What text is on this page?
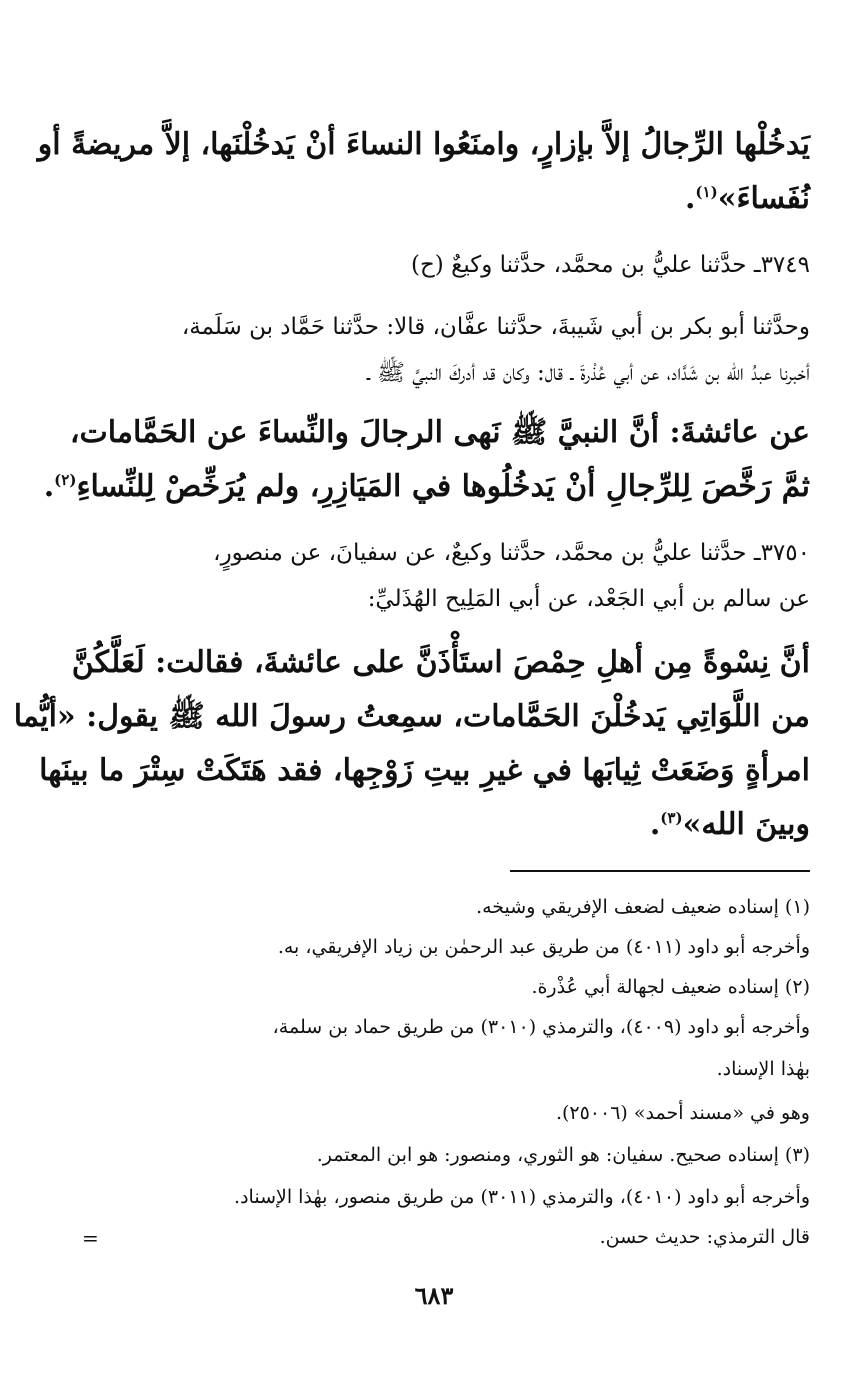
يَدخُلْها الرِّجالُ إلاَّ بإزارٍ، وامنَعُوا النساءَ أنْ يَدخُلْنَها، إلاَّ مريضةً أو
نُفَساءَ»$^{(١)}$.
٣٧٤٩ـ حدَّثنا عليُّ بن محمَّد، حدَّثنا وكيعٌ (ح)
وحدَّثنا أبو بكر بن أبي شَيبةَ، حدَّثنا عفَّان، قالا: حدَّثنا حَمَّاد بن سَلَمة،
أخبرنا عبدُ الله بن شَدَّاد، عن أبي عُذْرةَ ـ قال: وكان قد أدركَ النبيَّ ﷺ ـ
عن عائشةَ: أنَّ النبيَّ ﷺ نَهى الرجالَ والنِّساءَ عن الحَمَّامات،
ثمَّ رَخَّصَ لِلرِّجالِ أنْ يَدخُلُوها في المَيَازِرِ، ولم يُرَخِّصْ لِلنِّساءِ$^{(٢)}$.
٣٧٥٠ـ حدَّثنا عليُّ بن محمَّد، حدَّثنا وكيعٌ، عن سفيانَ، عن منصورٍ،
عن سالم بن أبي الجَعْد، عن أبي المَلِيح الهُذَليِّ:
أنَّ نِسْوةً مِن أهلِ حِمْصَ استَأْذَنَّ على عائشةَ، فقالت: لَعَلَّكُنَّ
من اللَّوَاتِي يَدخُلْنَ الحَمَّامات، سمِعتُ رسولَ الله ﷺ يقول: «أيُّما
امرأةٍ وَضَعَتْ ثِيابَها في غيرِ بيتِ زَوْجِها، فقد هَتَكَتْ سِتْرَ ما بينَها
وبينَ الله»$^{(٣)}$.
(١) إسناده ضعيف لضعف الإفريقي وشيخه.
وأخرجه أبو داود (٤٠١١) من طريق عبد الرحمٰن بن زياد الإفريقي، به.
(٢) إسناده ضعيف لجهالة أبي عُذْرة.
وأخرجه أبو داود (٤٠٠٩)، والترمذي (٣٠١٠) من طريق حماد بن سلمة،
بهٰذا الإسناد.
وهو في «مسند أحمد» (٢٥٠٠٦).
(٣) إسناده صحيح. سفيان: هو الثوري، ومنصور: هو ابن المعتمر.
وأخرجه أبو داود (٤٠١٠)، والترمذي (٣٠١١) من طريق منصور، بهٰذا الإسناد.
قال الترمذي: حديث حسن.
=
٦٨٣
